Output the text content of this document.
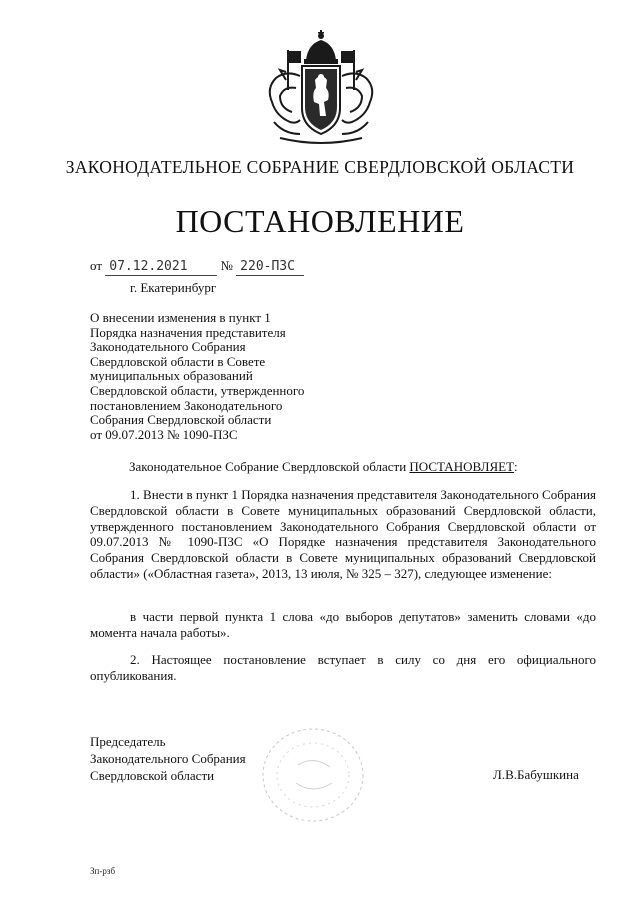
ЗАКОНОДАТЕЛЬНОЕ СОБРАНИЕ СВЕРДЛОВСКОЙ ОБЛАСТИ
ПОСТАНОВЛЕНИЕ
от 07.12.2021	№ 220-ПЗС
г. Екатеринбург
О внесении изменения в пункт 1
Порядка назначения представителя
Законодательного Собрания
Свердловской области в Совете
муниципальных образований
Свердловской области, утвержденного
постановлением Законодательного
Собрания Свердловской области
от 09.07.2013 № 1090-ПЗС
Законодательное Собрание Свердловской области ПОСТАНОВЛЯЕТ:
1. Внести в пункт 1 Порядка назначения представителя Законодательного Собрания Свердловской области в Совете муниципальных образований Свердловской области, утвержденного постановлением Законодательного Собрания Свердловской области от 09.07.2013 № 1090-ПЗС «О Порядке назначения представителя Законодательного Собрания Свердловской области в Совете муниципальных образований Свердловской области» («Областная газета», 2013, 13 июля, № 325 – 327), следующее изменение:
в части первой пункта 1 слова «до выборов депутатов» заменить словами «до момента начала работы».
2. Настоящее постановление вступает в силу со дня его официального опубликования.
Председатель
Законодательного Собрания
Свердловской области	Л.В.Бабушкина
Зп-рзб
